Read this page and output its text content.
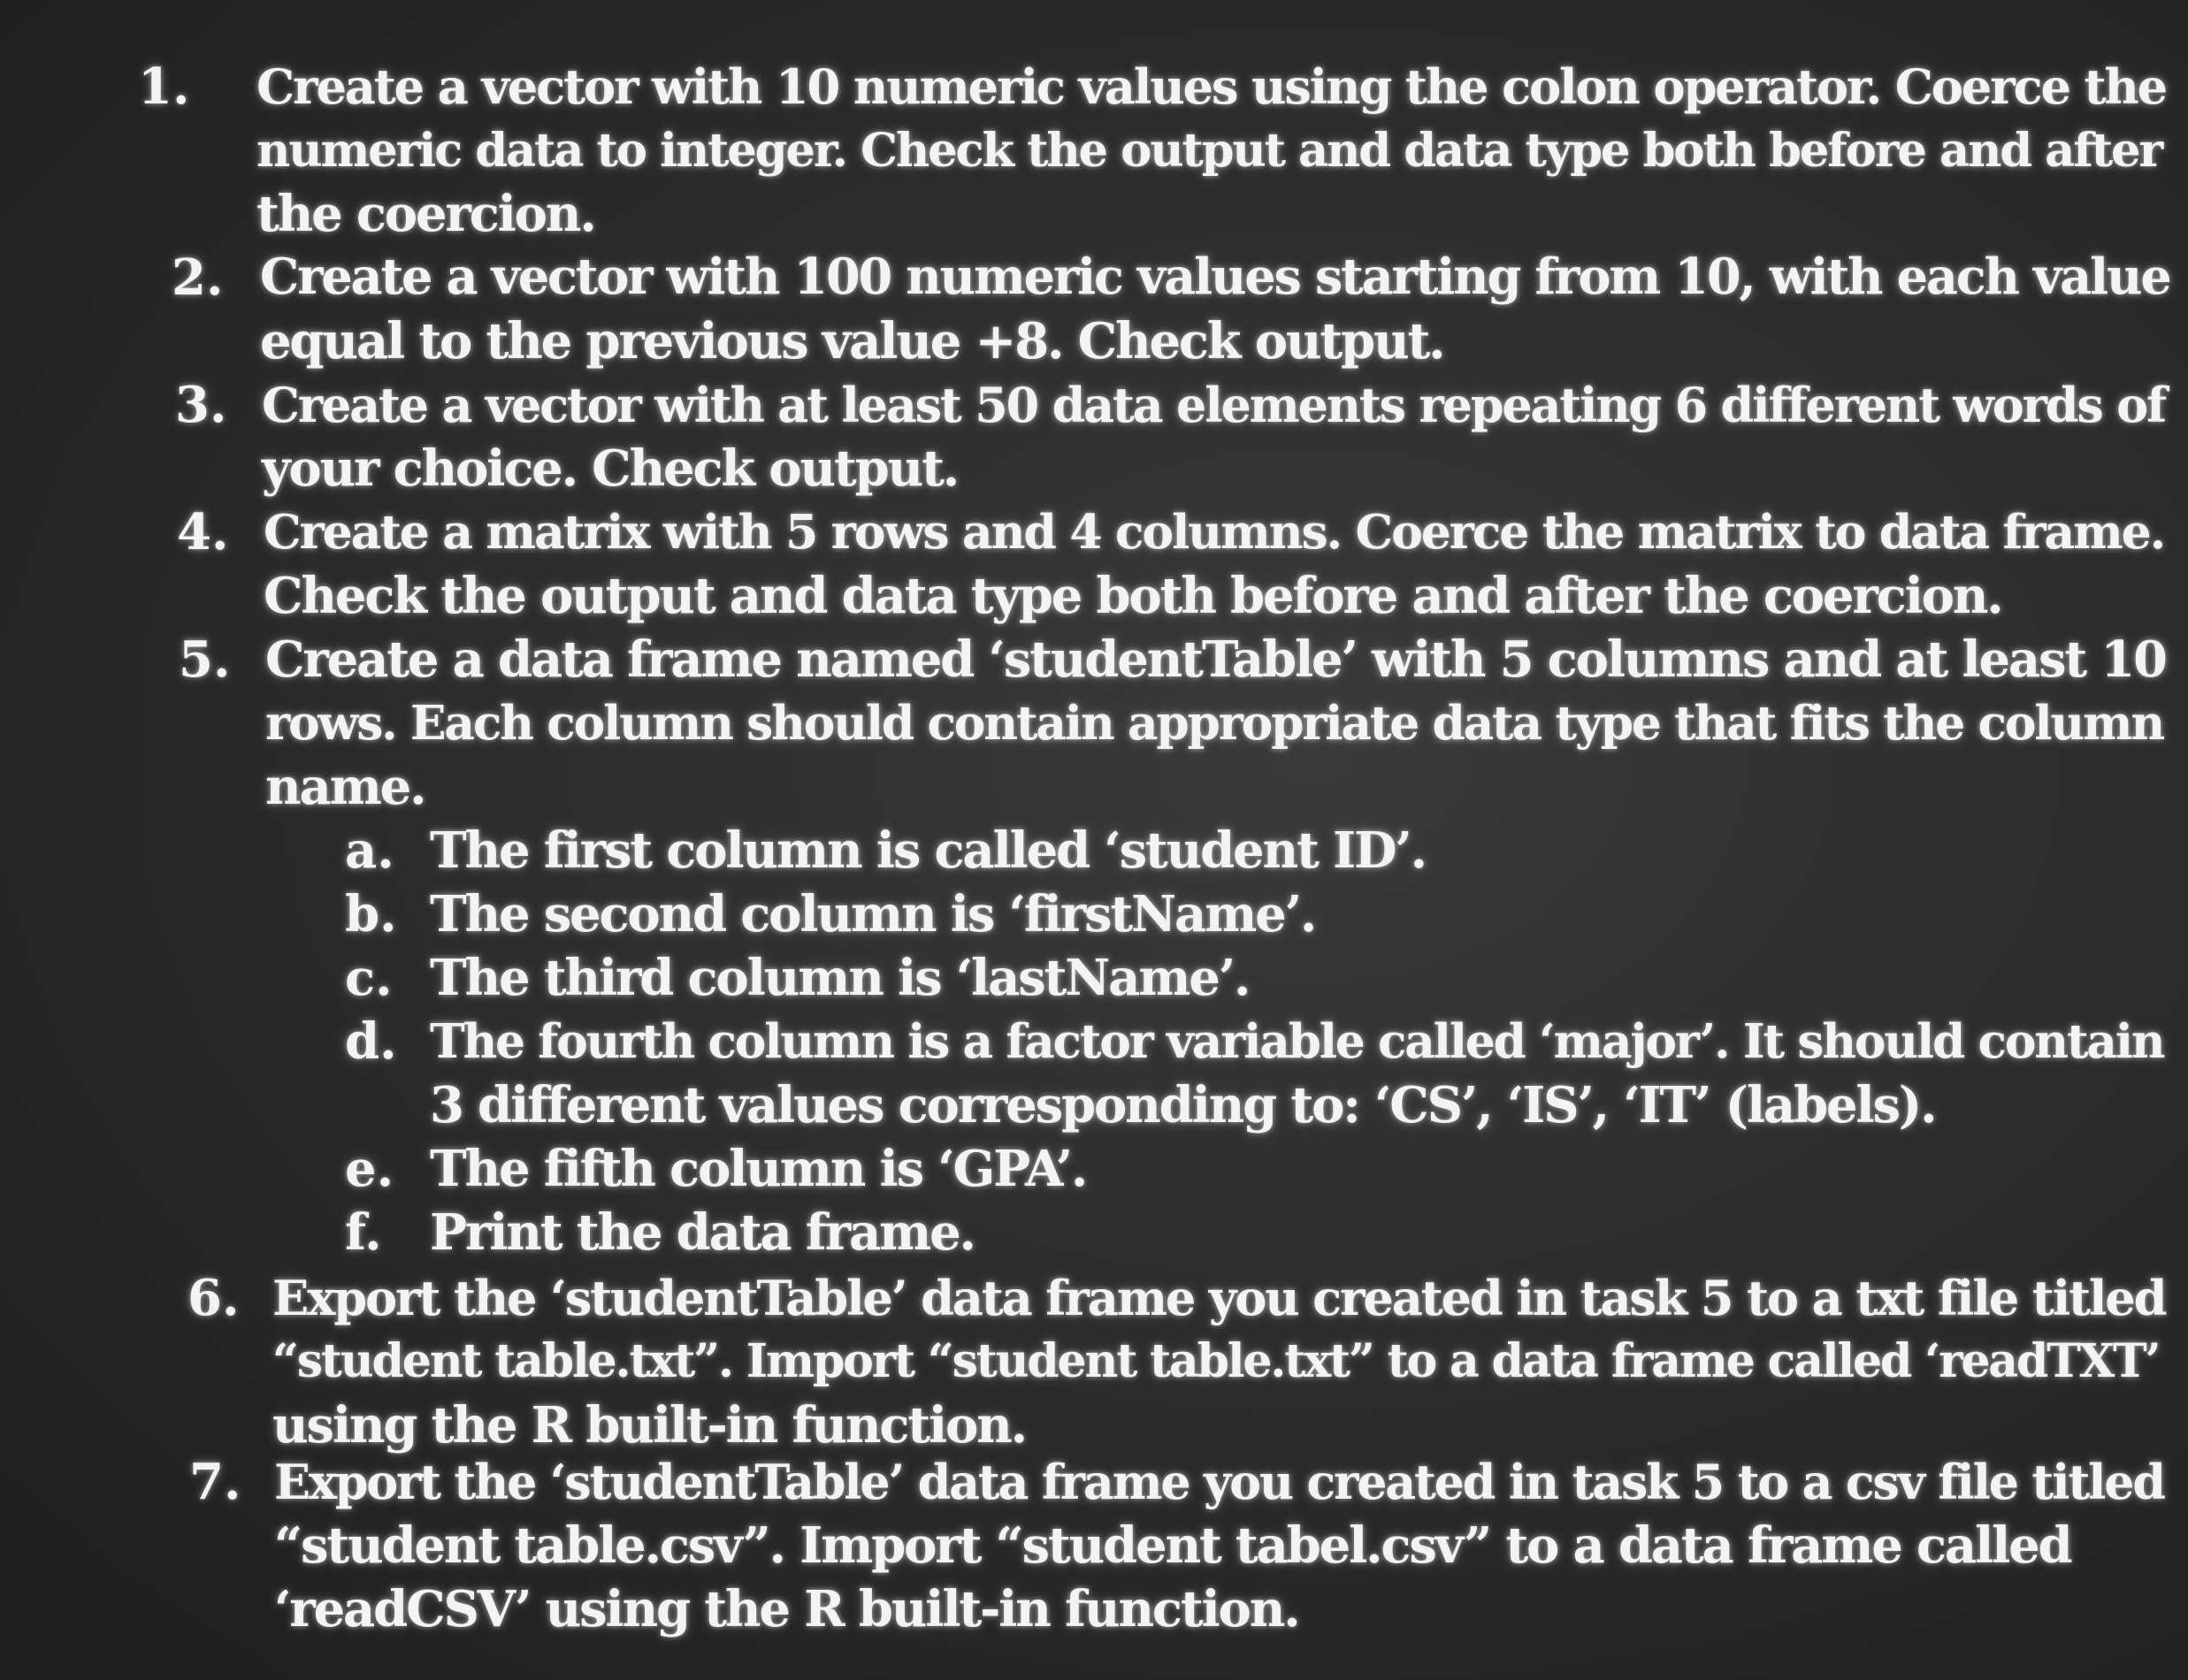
1. Create a vector with 10 numeric values using the colon operator. Coerce the
numeric data to integer. Check the output and data type both before and after
the coercion.
2. Create a vector with 100 numeric values starting from 10, with each value
equal to the previous value +8. Check output.
3. Create a vector with at least 50 data elements repeating 6 different words of
your choice. Check output.
4. Create a matrix with 5 rows and 4 columns. Coerce the matrix to data frame.
Check the output and data type both before and after the coercion.
5. Create a data frame named ‘studentTable’ with 5 columns and at least 10
rows. Each column should contain appropriate data type that fits the column
name.
a. The first column is called ‘student ID’.
b. The second column is ‘firstName’.
c. The third column is ‘lastName’.
d. The fourth column is a factor variable called ‘major’. It should contain
3 different values corresponding to: ‘CS’, ‘IS’, ‘IT’ (labels).
e. The fifth column is ‘GPA’.
f. Print the data frame.
6. Export the ‘studentTable’ data frame you created in task 5 to a txt file titled
“student table.txt”. Import “student table.txt” to a data frame called ‘readTXT’
using the R built-in function.
7. Export the ‘studentTable’ data frame you created in task 5 to a csv file titled
“student table.csv”. Import “student tabel.csv” to a data frame called
‘readCSV’ using the R built-in function.
